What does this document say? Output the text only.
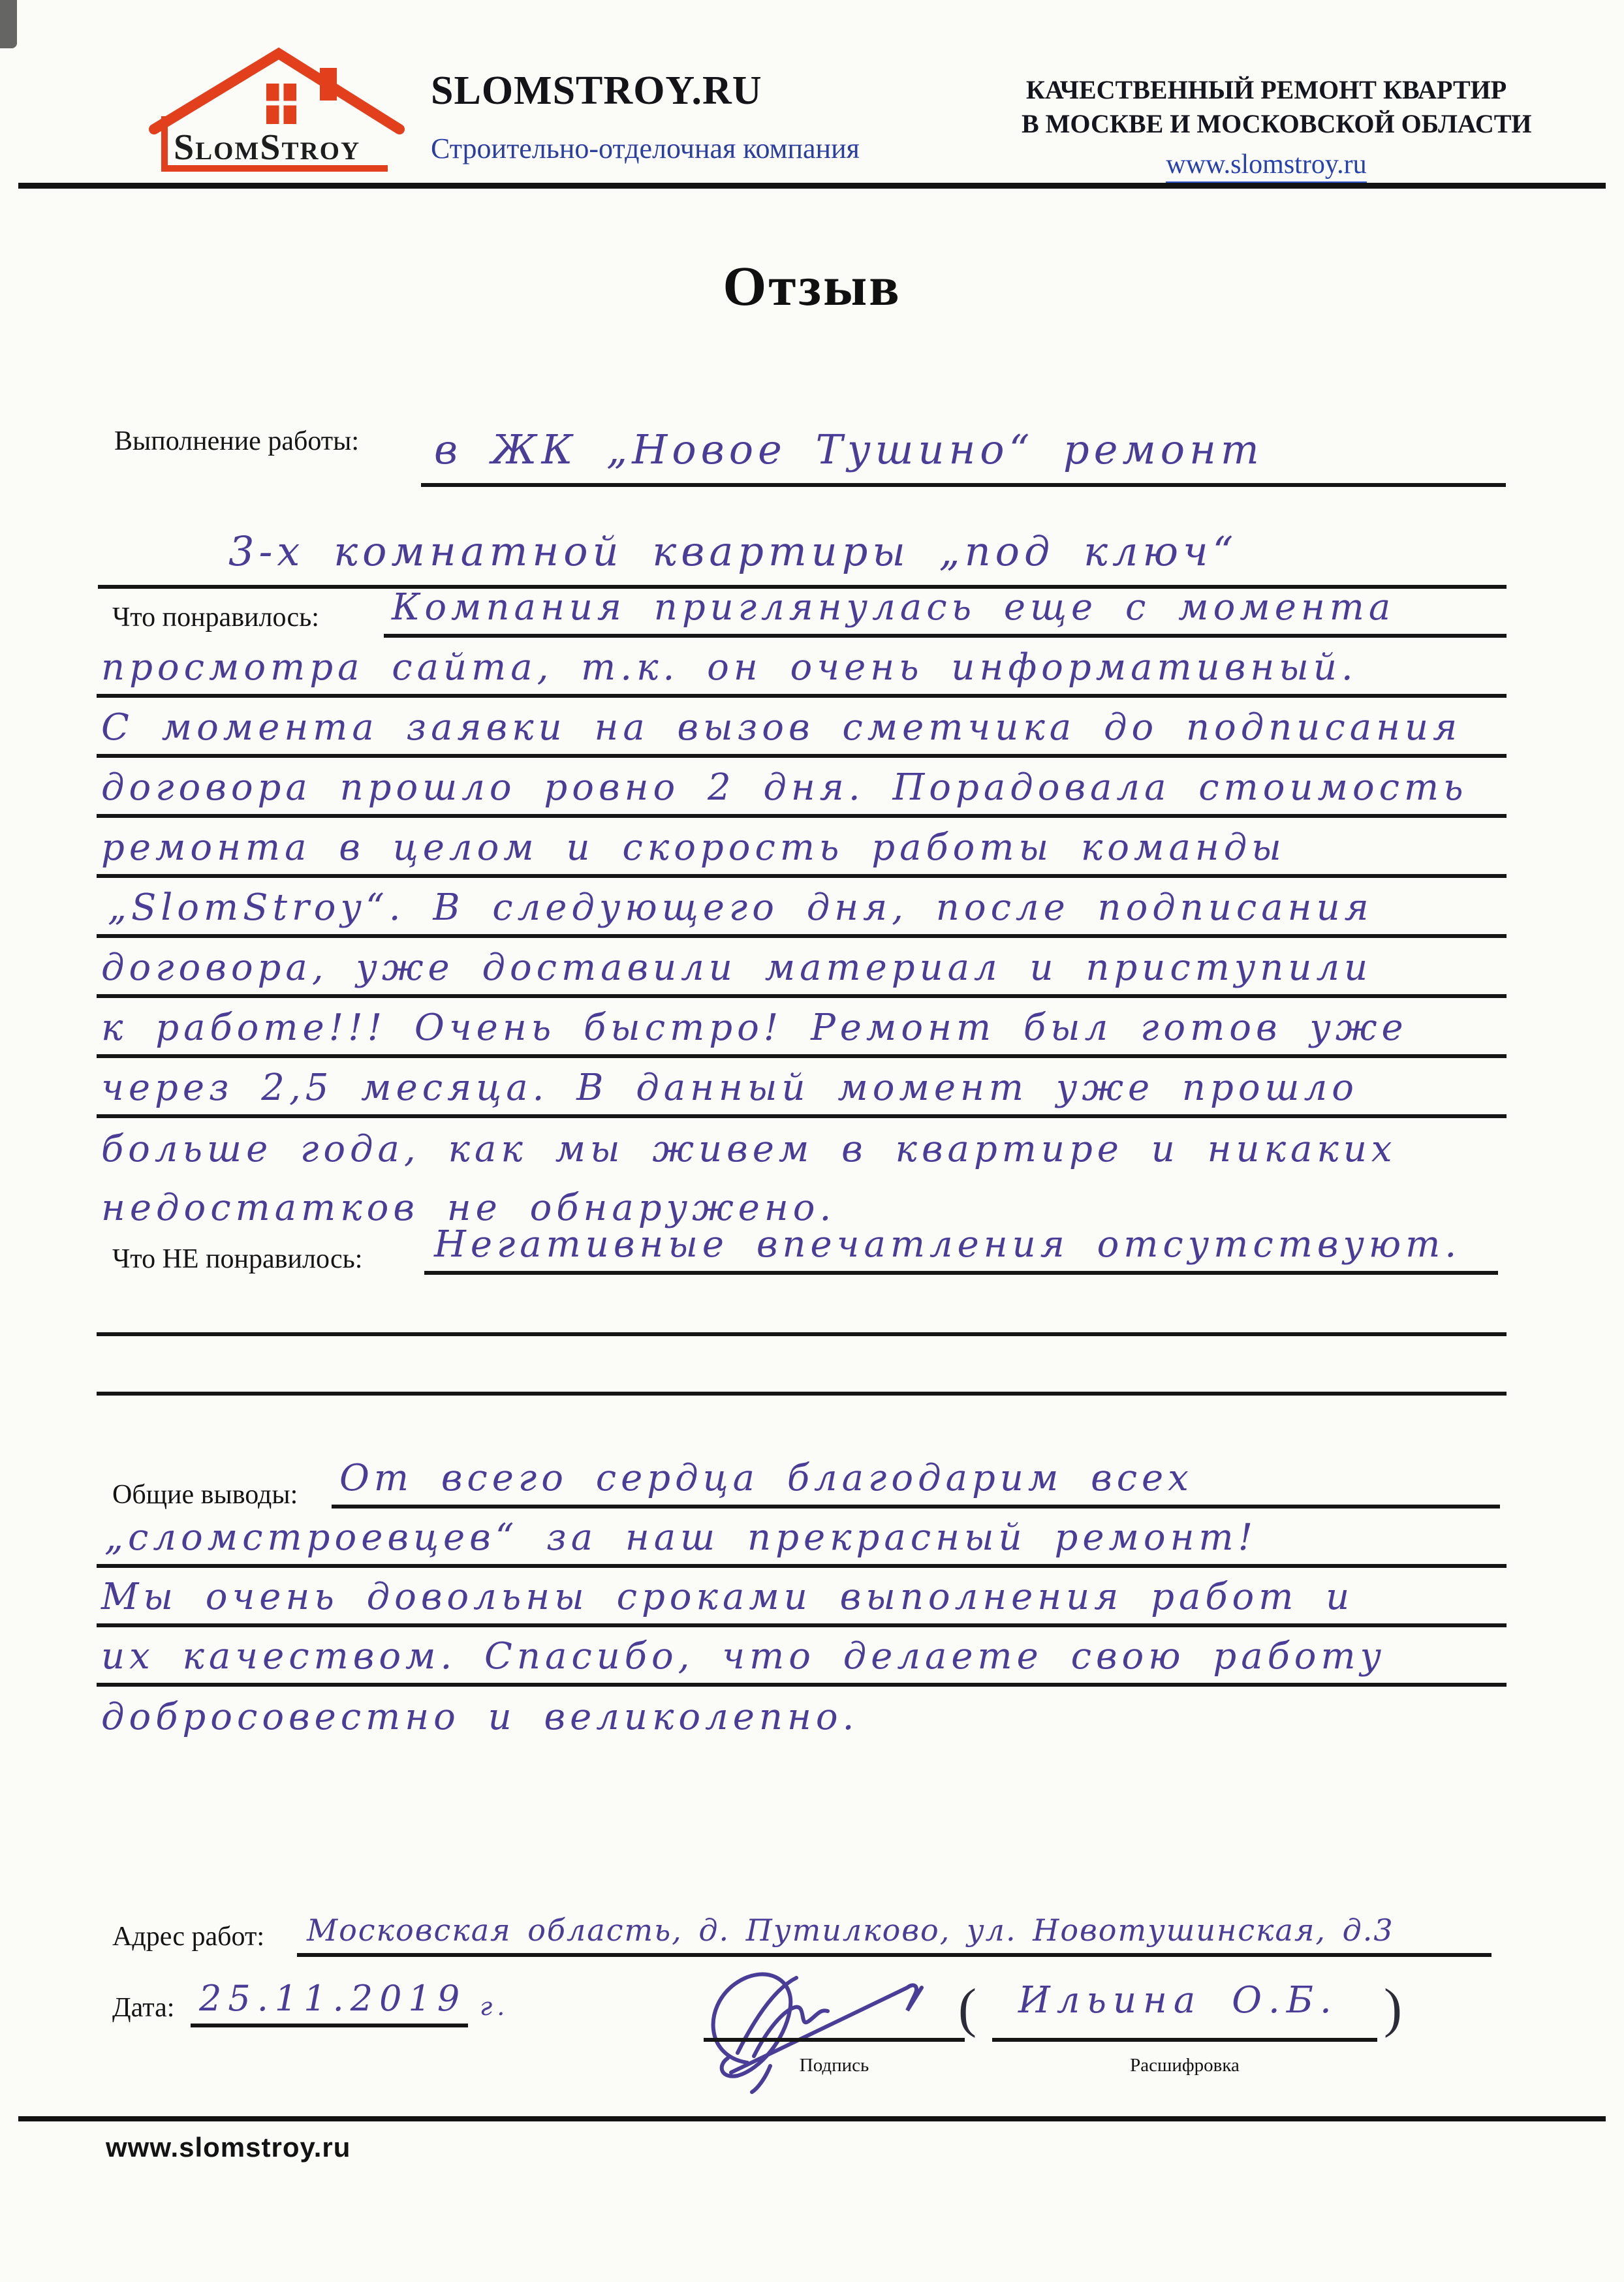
SlomStroy
SLOMSTROY.RU
Строительно-отделочная компания
КАЧЕСТВЕННЫЙ РЕМОНТ КВАРТИР
В МОСКВЕ И МОСКОВСКОЙ ОБЛАСТИ
www.slomstroy.ru
Отзыв
Выполнение работы: в ЖК „Новое Тушино“ ремонт
3-х комнатной квартиры „под ключ“
Что понравилось: Компания приглянулась еще с момента
просмотра сайта, т.к. он очень информативный.
С момента заявки на вызов сметчика до подписания
договора прошло ровно 2 дня. Порадовала стоимость
ремонта в целом и скорость работы команды
„SlomStroy“. В следующего дня, после подписания
договора, уже доставили материал и приступили
к работе!!! Очень быстро! Ремонт был готов уже
через 2,5 месяца. В данный момент уже прошло
больше года, как мы живем в квартире и никаких
недостатков не обнаружено.
Что НЕ понравилось: Негативные впечатления отсутствуют.
Общие выводы: От всего сердца благодарим всех
„сломстроевцев“ за наш прекрасный ремонт!
Мы очень довольны сроками выполнения работ и
их качеством. Спасибо, что делаете свою работу
добросовестно и великолепно.
Адрес работ: Московская область, д. Путилково, ул. Новотушинская, д.3
Дата: 25.11.2019 г.
Подпись
( Ильина О.Б. )
Расшифровка
www.slomstroy.ru
